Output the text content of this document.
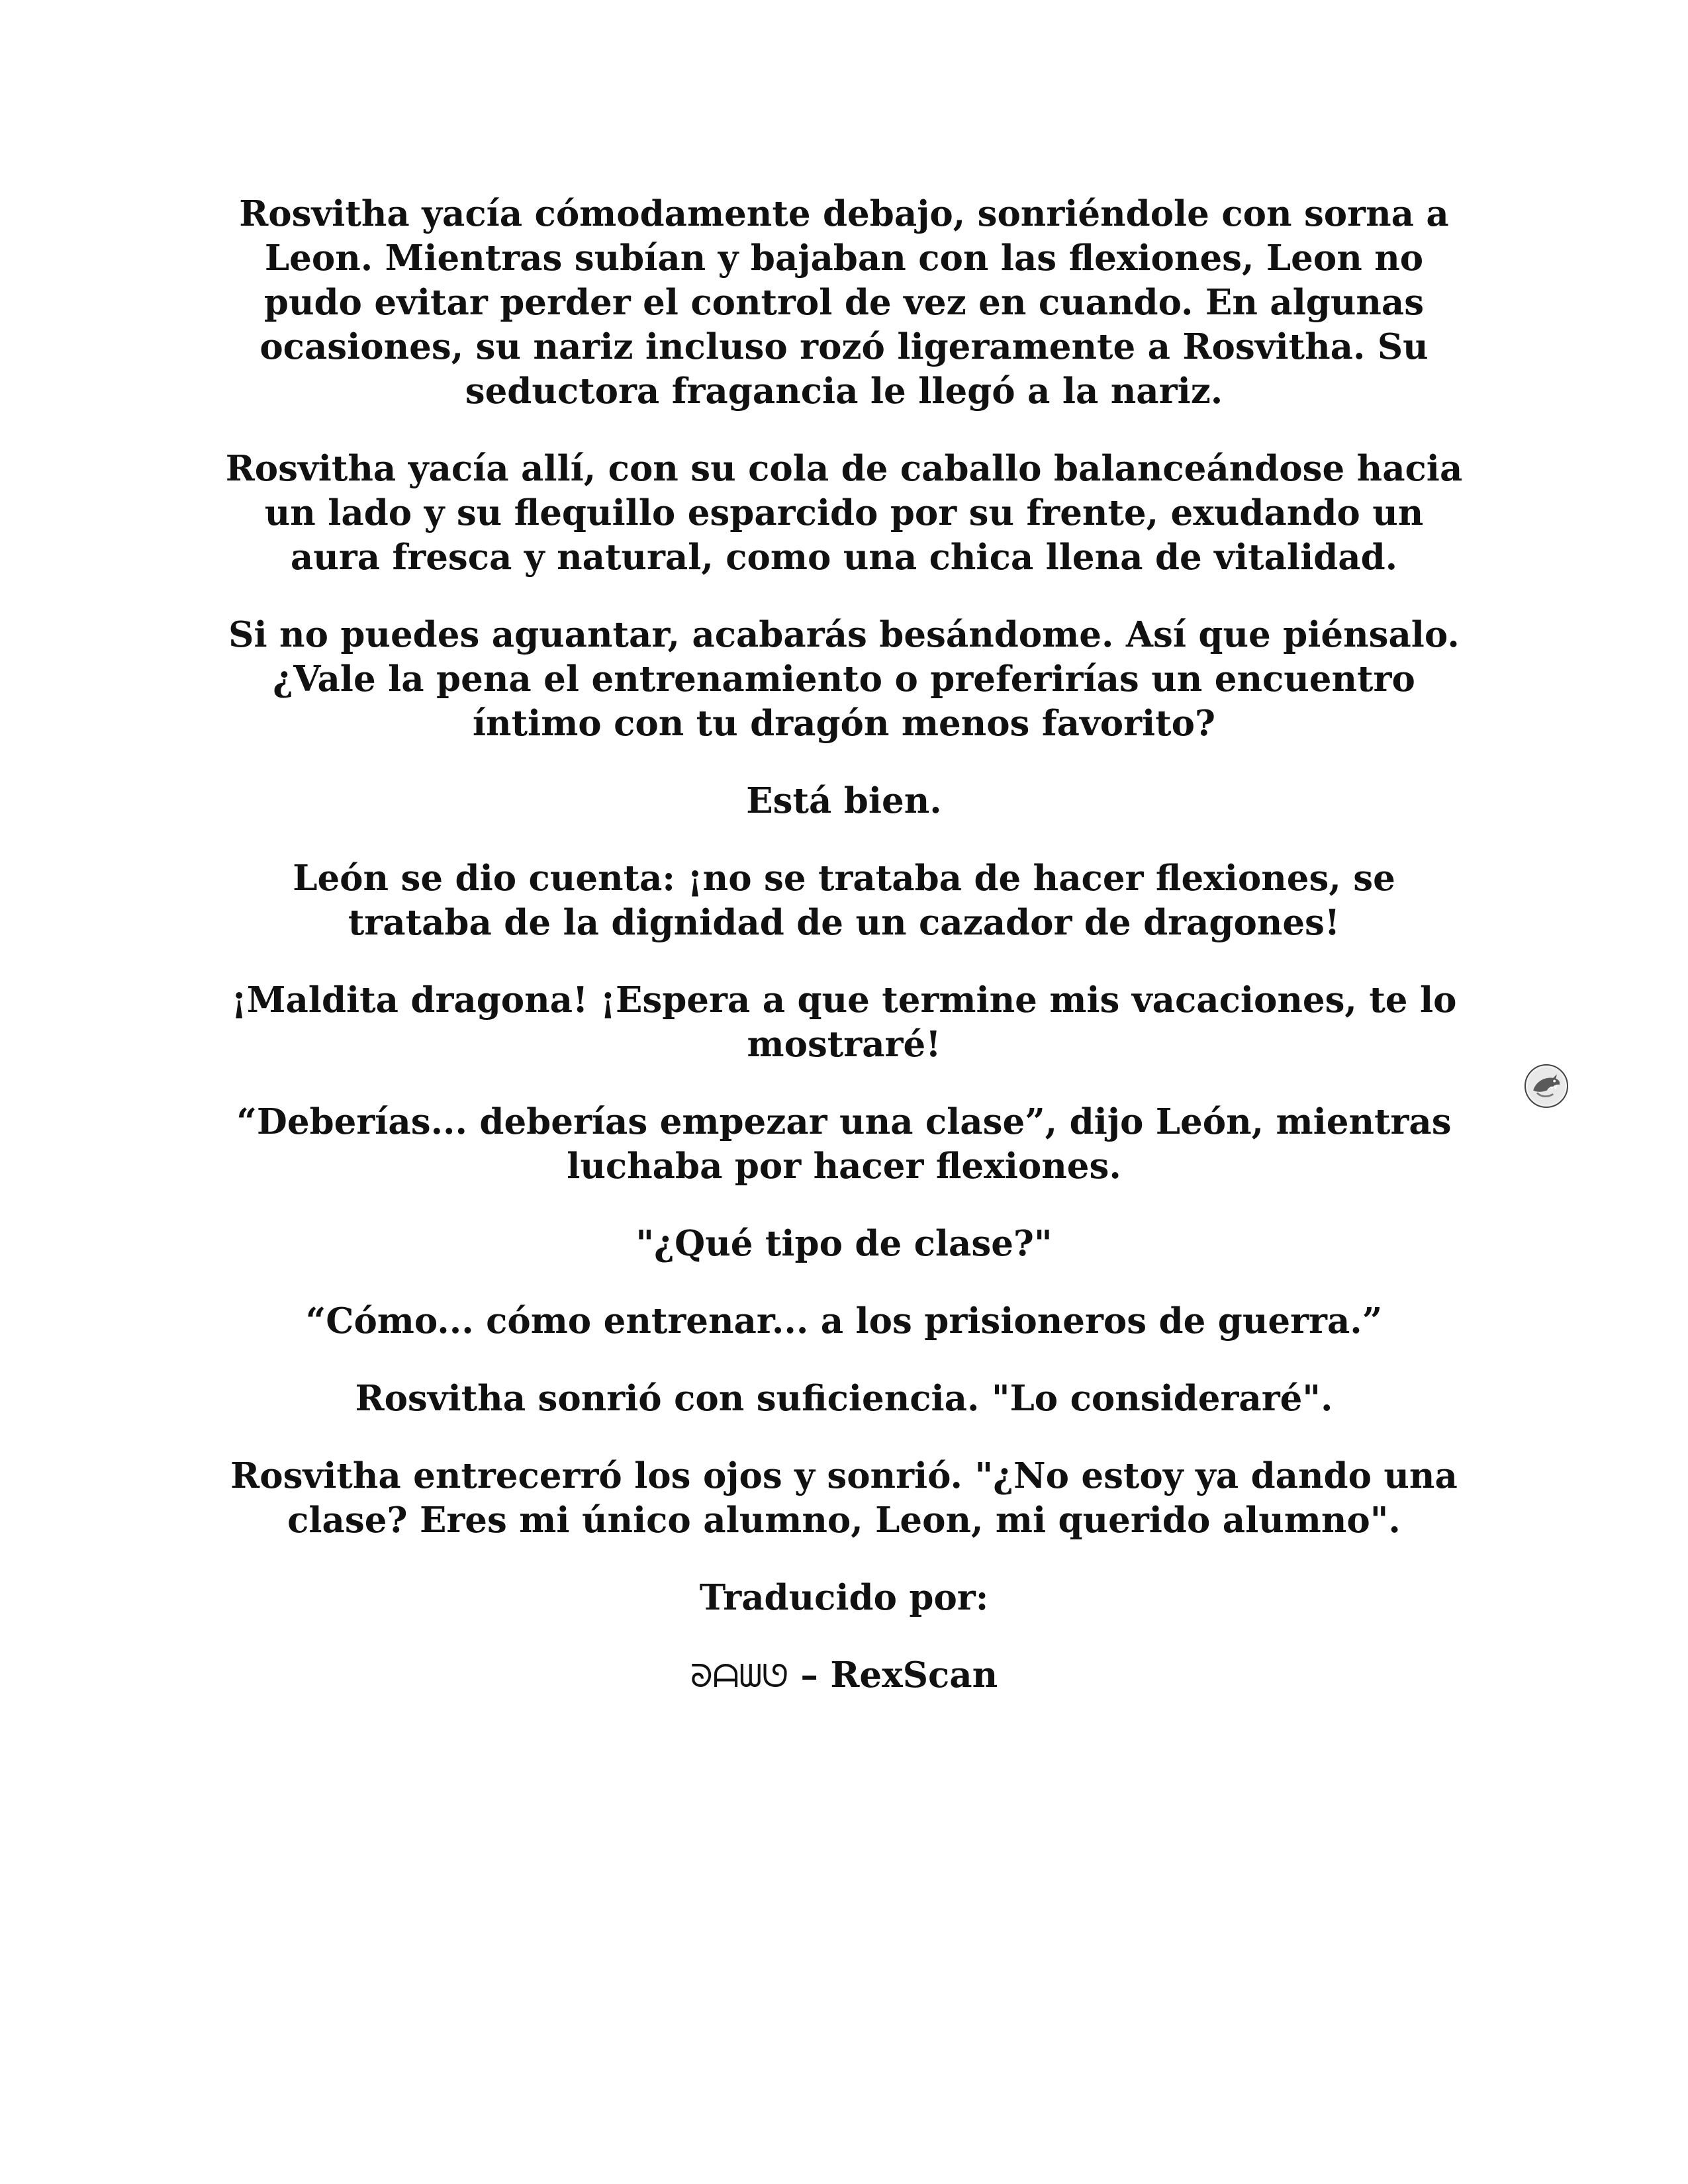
Rosvitha yacía cómodamente debajo, sonriéndole con sorna a Leon. Mientras subían y bajaban con las flexiones, Leon no pudo evitar perder el control de vez en cuando. En algunas ocasiones, su nariz incluso rozó ligeramente a Rosvitha. Su seductora fragancia le llegó a la nariz.

Rosvitha yacía allí, con su cola de caballo balanceándose hacia un lado y su flequillo esparcido por su frente, exudando un aura fresca y natural, como una chica llena de vitalidad.

Si no puedes aguantar, acabarás besándome. Así que piénsalo. ¿Vale la pena el entrenamiento o preferirías un encuentro íntimo con tu dragón menos favorito?

Está bien.

León se dio cuenta: ¡no se trataba de hacer flexiones, se trataba de la dignidad de un cazador de dragones!

¡Maldita dragona! ¡Espera a que termine mis vacaciones, te lo mostraré!

“Deberías... deberías empezar una clase”, dijo León, mientras luchaba por hacer flexiones.

"¿Qué tipo de clase?"

“Cómo... cómo entrenar... a los prisioneros de guerra.”

Rosvitha sonrió con suficiencia. "Lo consideraré".

Rosvitha entrecerró los ojos y sonrió. "¿No estoy ya dando una clase? Eres mi único alumno, Leon, mi querido alumno".

Traducido por:

ᘐᗩᗯᘎ – RexScan
